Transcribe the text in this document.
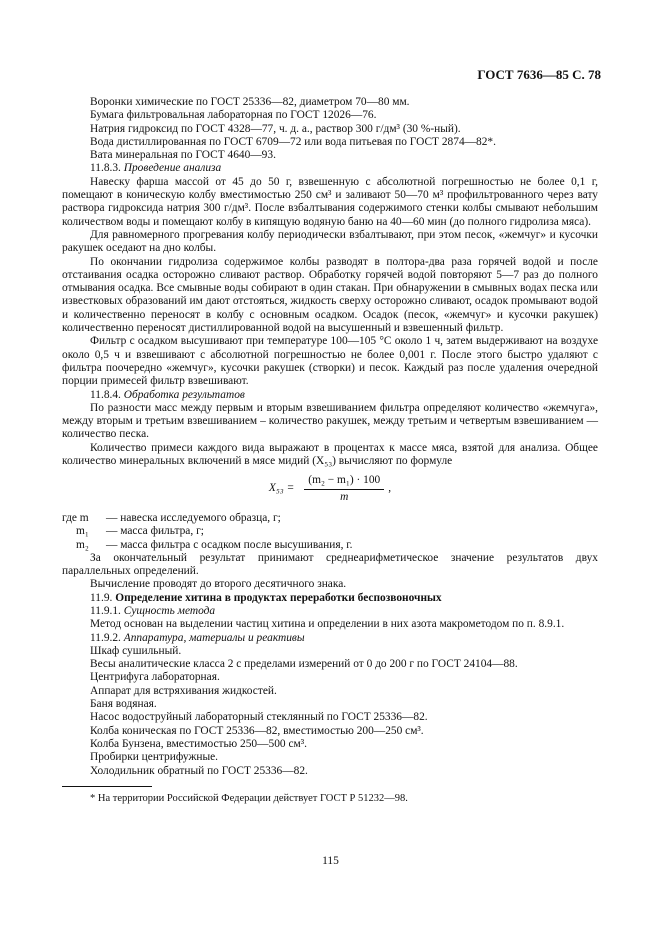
ГОСТ 7636—85 С. 78

Воронки химические по ГОСТ 25336—82, диаметром 70—80 мм.

Бумага фильтровальная лабораторная по ГОСТ 12026—76.

Натрия гидроксид по ГОСТ 4328—77, ч. д. а., раствор 300 г/дм³ (30 %-ный).

Вода дистиллированная по ГОСТ 6709—72 или вода питьевая по ГОСТ 2874—82*.

Вата минеральная по ГОСТ 4640—93.

11.8.3. Проведение анализа

Навеску фарша массой от 45 до 50 г, взвешенную с абсолютной погрешностью не более 0,1 г, помещают в коническую колбу вместимостью 250 см³ и заливают 50—70 м³ профильтрованного через вату раствора гидроксида натрия 300 г/дм³. После взбалтывания содержимого стенки колбы смывают небольшим количеством воды и помещают колбу в кипящую водяную баню на 40—60 мин (до полного гидролиза мяса).

Для равномерного прогревания колбу периодически взбалтывают, при этом песок, «жемчуг» и кусочки ракушек оседают на дно колбы.

По окончании гидролиза содержимое колбы разводят в полтора-два раза горячей водой и после отстаивания осадка осторожно сливают раствор. Обработку горячей водой повторяют 5—7 раз до полного отмывания осадка. Все смывные воды собирают в один стакан. При обнаружении в смывных водах песка или известковых образований им дают отстояться, жидкость сверху осторожно сливают, осадок промывают водой и количественно переносят в колбу с основным осадком. Осадок (песок, «жемчуг» и кусочки ракушек) количественно переносят дистиллированной водой на высушенный и взвешенный фильтр.

Фильтр с осадком высушивают при температуре 100—105 °С около 1 ч, затем выдерживают на воздухе около 0,5 ч и взвешивают с абсолютной погрешностью не более 0,001 г. После этого быстро удаляют с фильтра поочередно «жемчуг», кусочки ракушек (створки) и песок. Каждый раз после удаления очередной порции примесей фильтр взвешивают.

11.8.4. Обработка результатов

По разности масс между первым и вторым взвешиванием фильтра определяют количество «жемчуга», между вторым и третьим взвешиванием – количество ракушек, между третьим и четвертым взвешиванием — количество песка.

Количество примеси каждого вида выражают в процентах к массе мяса, взятой для анализа. Общее количество минеральных включений в мясе мидий (X₅₃) вычисляют по формуле

$X_{53} = \frac{\text{(m₂ − m₁) · 100}}{m}$ ,
где m	— навеска исследуемого образца, г;
m₁	— масса фильтра, г;
m₂	— масса фильтра с осадком после высушивания, г.

За окончательный результат принимают среднеарифметическое значение результатов двух параллельных определений.

Вычисление проводят до второго десятичного знака.

11.9. Определение хитина в продуктах переработки беспозвоночных

11.9.1. Сущность метода

Метод основан на выделении частиц хитина и определении в них азота макрометодом по п. 8.9.1.

11.9.2. Аппаратура, материалы и реактивы

Шкаф сушильный.

Весы аналитические класса 2 с пределами измерений от 0 до 200 г по ГОСТ 24104—88.

Центрифуга лабораторная.

Аппарат для встряхивания жидкостей.

Баня водяная.

Насос водоструйный лабораторный стеклянный по ГОСТ 25336—82.

Колба коническая по ГОСТ 25336—82, вместимостью 200—250 см³.

Колба Бунзена, вместимостью 250—500 см³.

Пробирки центрифужные.

Холодильник обратный по ГОСТ 25336—82.

* На территории Российской Федерации действует ГОСТ Р 51232—98.

115
